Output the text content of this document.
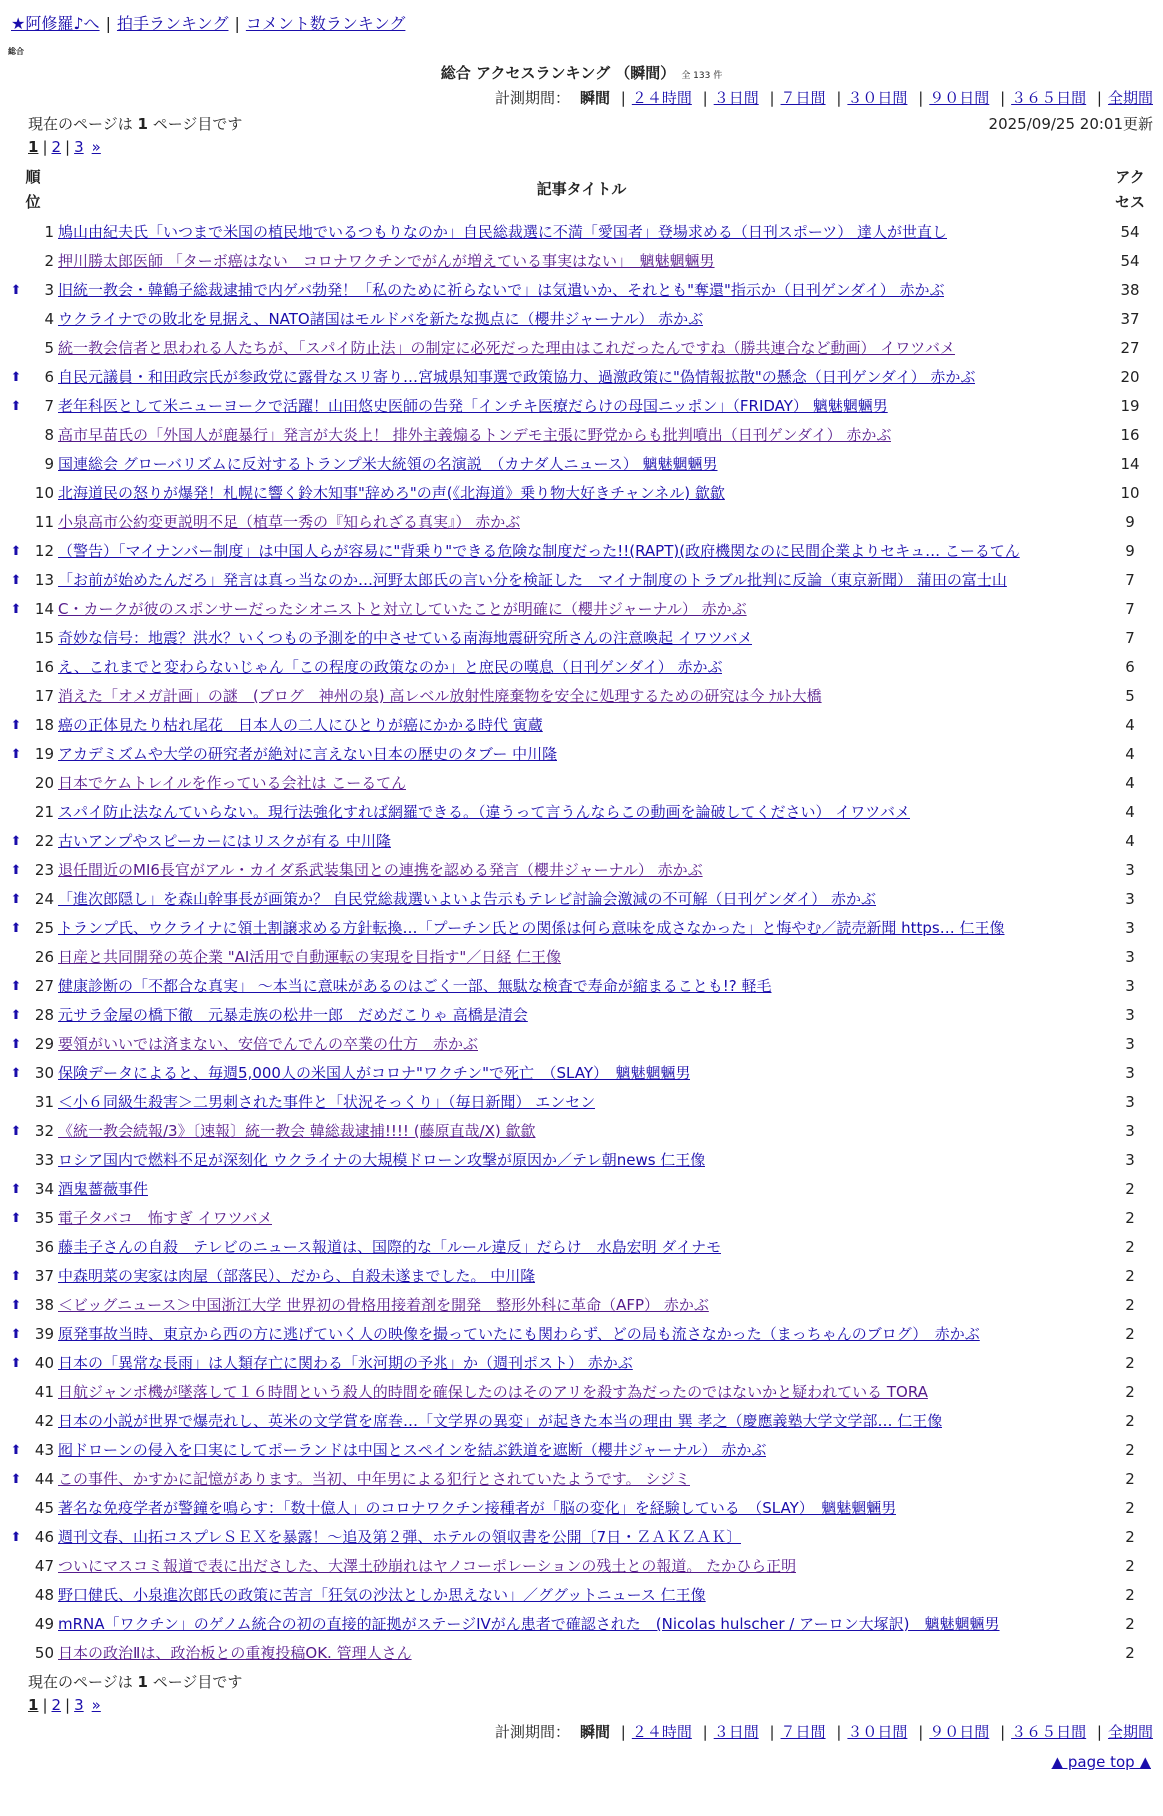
★阿修羅♪へ | 拍手ランキング | コメント数ランキング
総合
総合 アクセスランキング （瞬間） 全 133 件
計測期間： 瞬間 | ２４時間 | ３日間 | ７日間 | ３０日間 | ９０日間 | ３６５日間 | 全期間
現在のページは 1 ページ目です	2025/09/25 20:01更新
1 | 2 | 3 »
順
位
記事タイトル
アク
セス
1 鳩山由紀夫氏「いつまで米国の植民地でいるつもりなのか」自民総裁選に不満「愛国者」登場求める（日刊スポーツ） 達人が世直し	54
2 押川勝太郎医師 「ターボ癌はない　コロナワクチンでがんが増えている事実はない」　魑魅魍魎男	54
⬆	3 旧統一教会・韓鶴子総裁逮捕で内ゲバ勃発！「私のために祈らないで」は気遣いか、それとも"奪還"指示か（日刊ゲンダイ） 赤かぶ	38
4 ウクライナでの敗北を見据え、NATO諸国はモルドバを新たな拠点に（櫻井ジャーナル） 赤かぶ	37
5 統一教会信者と思われる人たちが、「スパイ防止法」の制定に必死だった理由はこれだったんですね（勝共連合など動画） イワツバメ	27
⬆	6 自民元議員・和田政宗氏が参政党に露骨なスリ寄り…宮城県知事選で政策協力、過激政策に"偽情報拡散"の懸念（日刊ゲンダイ） 赤かぶ	20
⬆	7 老年科医として米ニューヨークで活躍！山田悠史医師の告発「インチキ医療だらけの母国ニッポン」（FRIDAY） 魑魅魍魎男	19
8 高市早苗氏の「外国人が鹿暴行」発言が大炎上！ 排外主義煽るトンデモ主張に野党からも批判噴出（日刊ゲンダイ） 赤かぶ	16
9 国連総会 グローバリズムに反対するトランプ米大統領の名演説　（カナダ人ニュース） 魑魅魍魎男	14
10 北海道民の怒りが爆発！札幌に響く鈴木知事"辞めろ"の声(《北海道》乗り物大好きチャンネル) 歙歙	10
11 小泉高市公約変更説明不足（植草一秀の『知られざる真実』） 赤かぶ	9
⬆ 12 （警告）「マイナンバー制度」は中国人らが容易に"背乗り"できる危険な制度だった!!(RAPT)(政府機関なのに民間企業よりセキュ… こーるてん	9
⬆ 13 「お前が始めたんだろ」発言は真っ当なのか…河野太郎氏の言い分を検証した　マイナ制度のトラブル批判に反論（東京新聞） 蒲田の富士山	7
⬆ 14 C・カークが彼のスポンサーだったシオニストと対立していたことが明確に（櫻井ジャーナル） 赤かぶ	7
15 奇妙な信号：地震？洪水？いくつもの予測を的中させている南海地震研究所さんの注意喚起 イワツバメ	7
16 え、これまでと変わらないじゃん「この程度の政策なのか」と庶民の嘆息（日刊ゲンダイ） 赤かぶ	6
17 消えた「オメガ計画」の謎　(ブログ　神州の泉) 高レベル放射性廃棄物を安全に処理するための研究は今 ﾅﾙﾄ大橋	5
⬆ 18 癌の正体見たり枯れ尾花　日本人の二人にひとりが癌にかかる時代 寅蔵	4
⬆ 19 アカデミズムや大学の研究者が絶対に言えない日本の歴史のタブー 中川隆	4
20 日本でケムトレイルを作っている会社は こーるてん	4
21 スパイ防止法なんていらない。現行法強化すれば網羅できる。（違うって言うんならこの動画を論破してください） イワツバメ	4
⬆ 22 古いアンプやスピーカーにはリスクが有る 中川隆	4
⬆ 23 退任間近のMI6長官がアル・カイダ系武装集団との連携を認める発言（櫻井ジャーナル） 赤かぶ	3
⬆ 24 「進次郎隠し」を森山幹事長が画策か？ 自民党総裁選いよいよ告示もテレビ討論会激減の不可解（日刊ゲンダイ） 赤かぶ	3
⬆ 25 トランプ氏、ウクライナに領土割譲求める方針転換…「プーチン氏との関係は何ら意味を成さなかった」と悔やむ／読売新聞 https… 仁王像	3
26 日産と共同開発の英企業 "AI活用で自動運転の実現を目指す"／日経 仁王像	3
⬆ 27 健康診断の「不都合な真実」 ～本当に意味があるのはごく一部、無駄な検査で寿命が縮まることも!? 軽毛	3
⬆ 28 元サラ金屋の橋下徹　元暴走族の松井一郎　だめだこりゃ 高橋是清会	3
⬆ 29 要領がいいでは済まない、安倍でんでんの卒業の仕方　赤かぶ	3
⬆ 30 保険データによると、毎週5,000人の米国人がコロナ"ワクチン"で死亡　（SLAY）　魑魅魍魎男	3
31 ＜小６同級生殺害＞二男刺された事件と「状況そっくり」（毎日新聞） エンセン	3
⬆ 32 《統一教会続報/3》〔速報〕統一教会 韓総裁逮捕!!!! (藤原直哉/X) 歙歙	3
33 ロシア国内で燃料不足が深刻化 ウクライナの大規模ドローン攻撃が原因か／テレ朝news 仁王像	3
⬆ 34 酒鬼薔薇事件	2
⬆ 35 電子タバコ　怖すぎ イワツバメ	2
36 藤圭子さんの自殺　テレビのニュース報道は、国際的な「ルール違反」だらけ　水島宏明 ダイナモ	2
⬆ 37 中森明菜の実家は肉屋（部落民）、だから、自殺未遂までした。 中川隆	2
⬆ 38 ＜ビッグニュース＞中国浙江大学 世界初の骨格用接着剤を開発　整形外科に革命（AFP） 赤かぶ	2
⬆ 39 原発事故当時、東京から西の方に逃げていく人の映像を撮っていたにも関わらず、どの局も流さなかった（まっちゃんのブログ）　赤かぶ	2
⬆ 40 日本の「異常な長雨」は人類存亡に関わる「氷河期の予兆」か（週刊ポスト） 赤かぶ	2
41 日航ジャンボ機が墜落して１６時間という殺人的時間を確保したのはそのアリを殺す為だったのではないかと疑われている TORA	2
42 日本の小説が世界で爆売れし、英米の文学賞を席巻…「文学界の異変」が起きた本当の理由 巽 孝之（慶應義塾大学文学部… 仁王像	2
⬆ 43 囮ドローンの侵入を口実にしてポーランドは中国とスペインを結ぶ鉄道を遮断（櫻井ジャーナル） 赤かぶ	2
⬆ 44 この事件、かすかに記憶があります。当初、中年男による犯行とされていたようです。 シジミ	2
45 著名な免疫学者が警鐘を鳴らす：「数十億人」のコロナワクチン接種者が「脳の変化」を経験している　（SLAY）　魑魅魍魎男	2
⬆ 46 週刊文春、山拓コスプレＳＥＸを暴露！～追及第２弾、ホテルの領収書を公開〔7日・ＺＡＫＺＡＫ〕	2
47 ついにマスコミ報道で表に出ださした、大澤土砂崩れはヤノコーポレーションの残土との報道。 たかひら正明	2
48 野口健氏、小泉進次郎氏の政策に苦言「狂気の沙汰としか思えない」／ググットニュース 仁王像	2
49 mRNA「ワクチン」のゲノム統合の初の直接的証拠がステージIVがん患者で確認された　(Nicolas hulscher / アーロン大塚訳)　魑魅魍魎男	2
50 日本の政治Ⅱは、政治板との重複投稿OK. 管理人さん	2
現在のページは 1 ページ目です
1 | 2 | 3 »
計測期間： 瞬間 | ２４時間 | ３日間 | ７日間 | ３０日間 | ９０日間 | ３６５日間 | 全期間
▲ page top ▲
